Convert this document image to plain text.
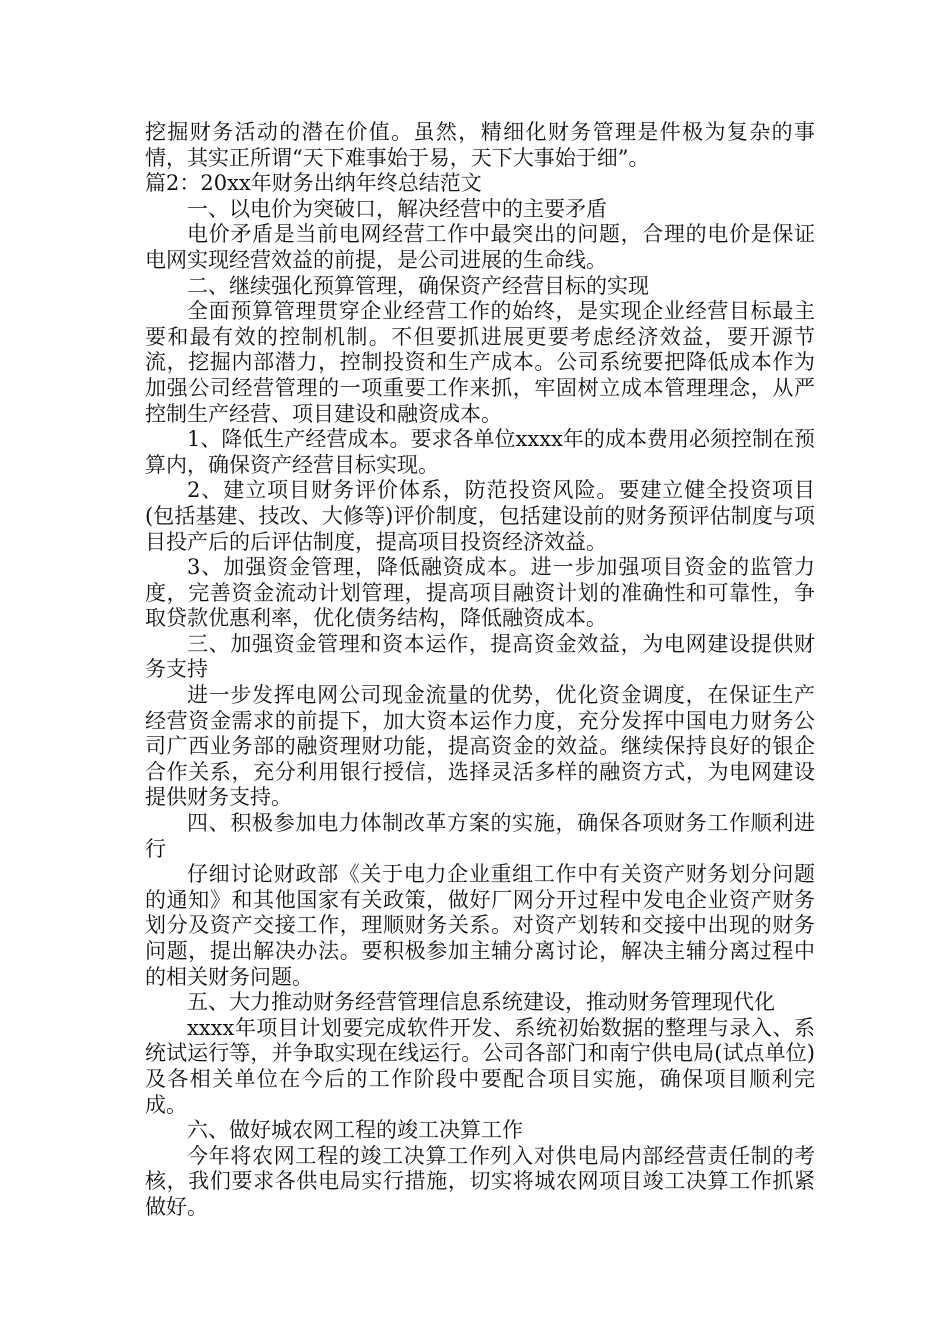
挖掘财务活动的潜在价值。虽然，精细化财务管理是件极为复杂的事情，其实正所谓“天下难事始于易，天下大事始于细”。

篇2：20xx年财务出纳年终总结范文

一、以电价为突破口，解决经营中的主要矛盾

电价矛盾是当前电网经营工作中最突出的问题，合理的电价是保证电网实现经营效益的前提，是公司进展的生命线。

二、继续强化预算管理，确保资产经营目标的实现

全面预算管理贯穿企业经营工作的始终，是实现企业经营目标最主要和最有效的控制机制。不但要抓进展更要考虑经济效益，要开源节流，挖掘内部潜力，控制投资和生产成本。公司系统要把降低成本作为加强公司经营管理的一项重要工作来抓，牢固树立成本管理理念，从严控制生产经营、项目建设和融资成本。

1、降低生产经营成本。要求各单位xxxx年的成本费用必须控制在预算内，确保资产经营目标实现。

2、建立项目财务评价体系，防范投资风险。要建立健全投资项目(包括基建、技改、大修等)评价制度，包括建设前的财务预评估制度与项目投产后的后评估制度，提高项目投资经济效益。

3、加强资金管理，降低融资成本。进一步加强项目资金的监管力度，完善资金流动计划管理，提高项目融资计划的准确性和可靠性，争取贷款优惠利率，优化债务结构，降低融资成本。

三、加强资金管理和资本运作，提高资金效益，为电网建设提供财务支持

进一步发挥电网公司现金流量的优势，优化资金调度，在保证生产经营资金需求的前提下，加大资本运作力度，充分发挥中国电力财务公司广西业务部的融资理财功能，提高资金的效益。继续保持良好的银企合作关系，充分利用银行授信，选择灵活多样的融资方式，为电网建设提供财务支持。

四、积极参加电力体制改革方案的实施，确保各项财务工作顺利进行

仔细讨论财政部《关于电力企业重组工作中有关资产财务划分问题的通知》和其他国家有关政策，做好厂网分开过程中发电企业资产财务划分及资产交接工作，理顺财务关系。对资产划转和交接中出现的财务问题，提出解决办法。要积极参加主辅分离讨论，解决主辅分离过程中的相关财务问题。

五、大力推动财务经营管理信息系统建设，推动财务管理现代化

xxxx年项目计划要完成软件开发、系统初始数据的整理与录入、系统试运行等，并争取实现在线运行。公司各部门和南宁供电局(试点单位)及各相关单位在今后的工作阶段中要配合项目实施，确保项目顺利完成。

六、做好城农网工程的竣工决算工作

今年将农网工程的竣工决算工作列入对供电局内部经营责任制的考核，我们要求各供电局实行措施，切实将城农网项目竣工决算工作抓紧做好。
